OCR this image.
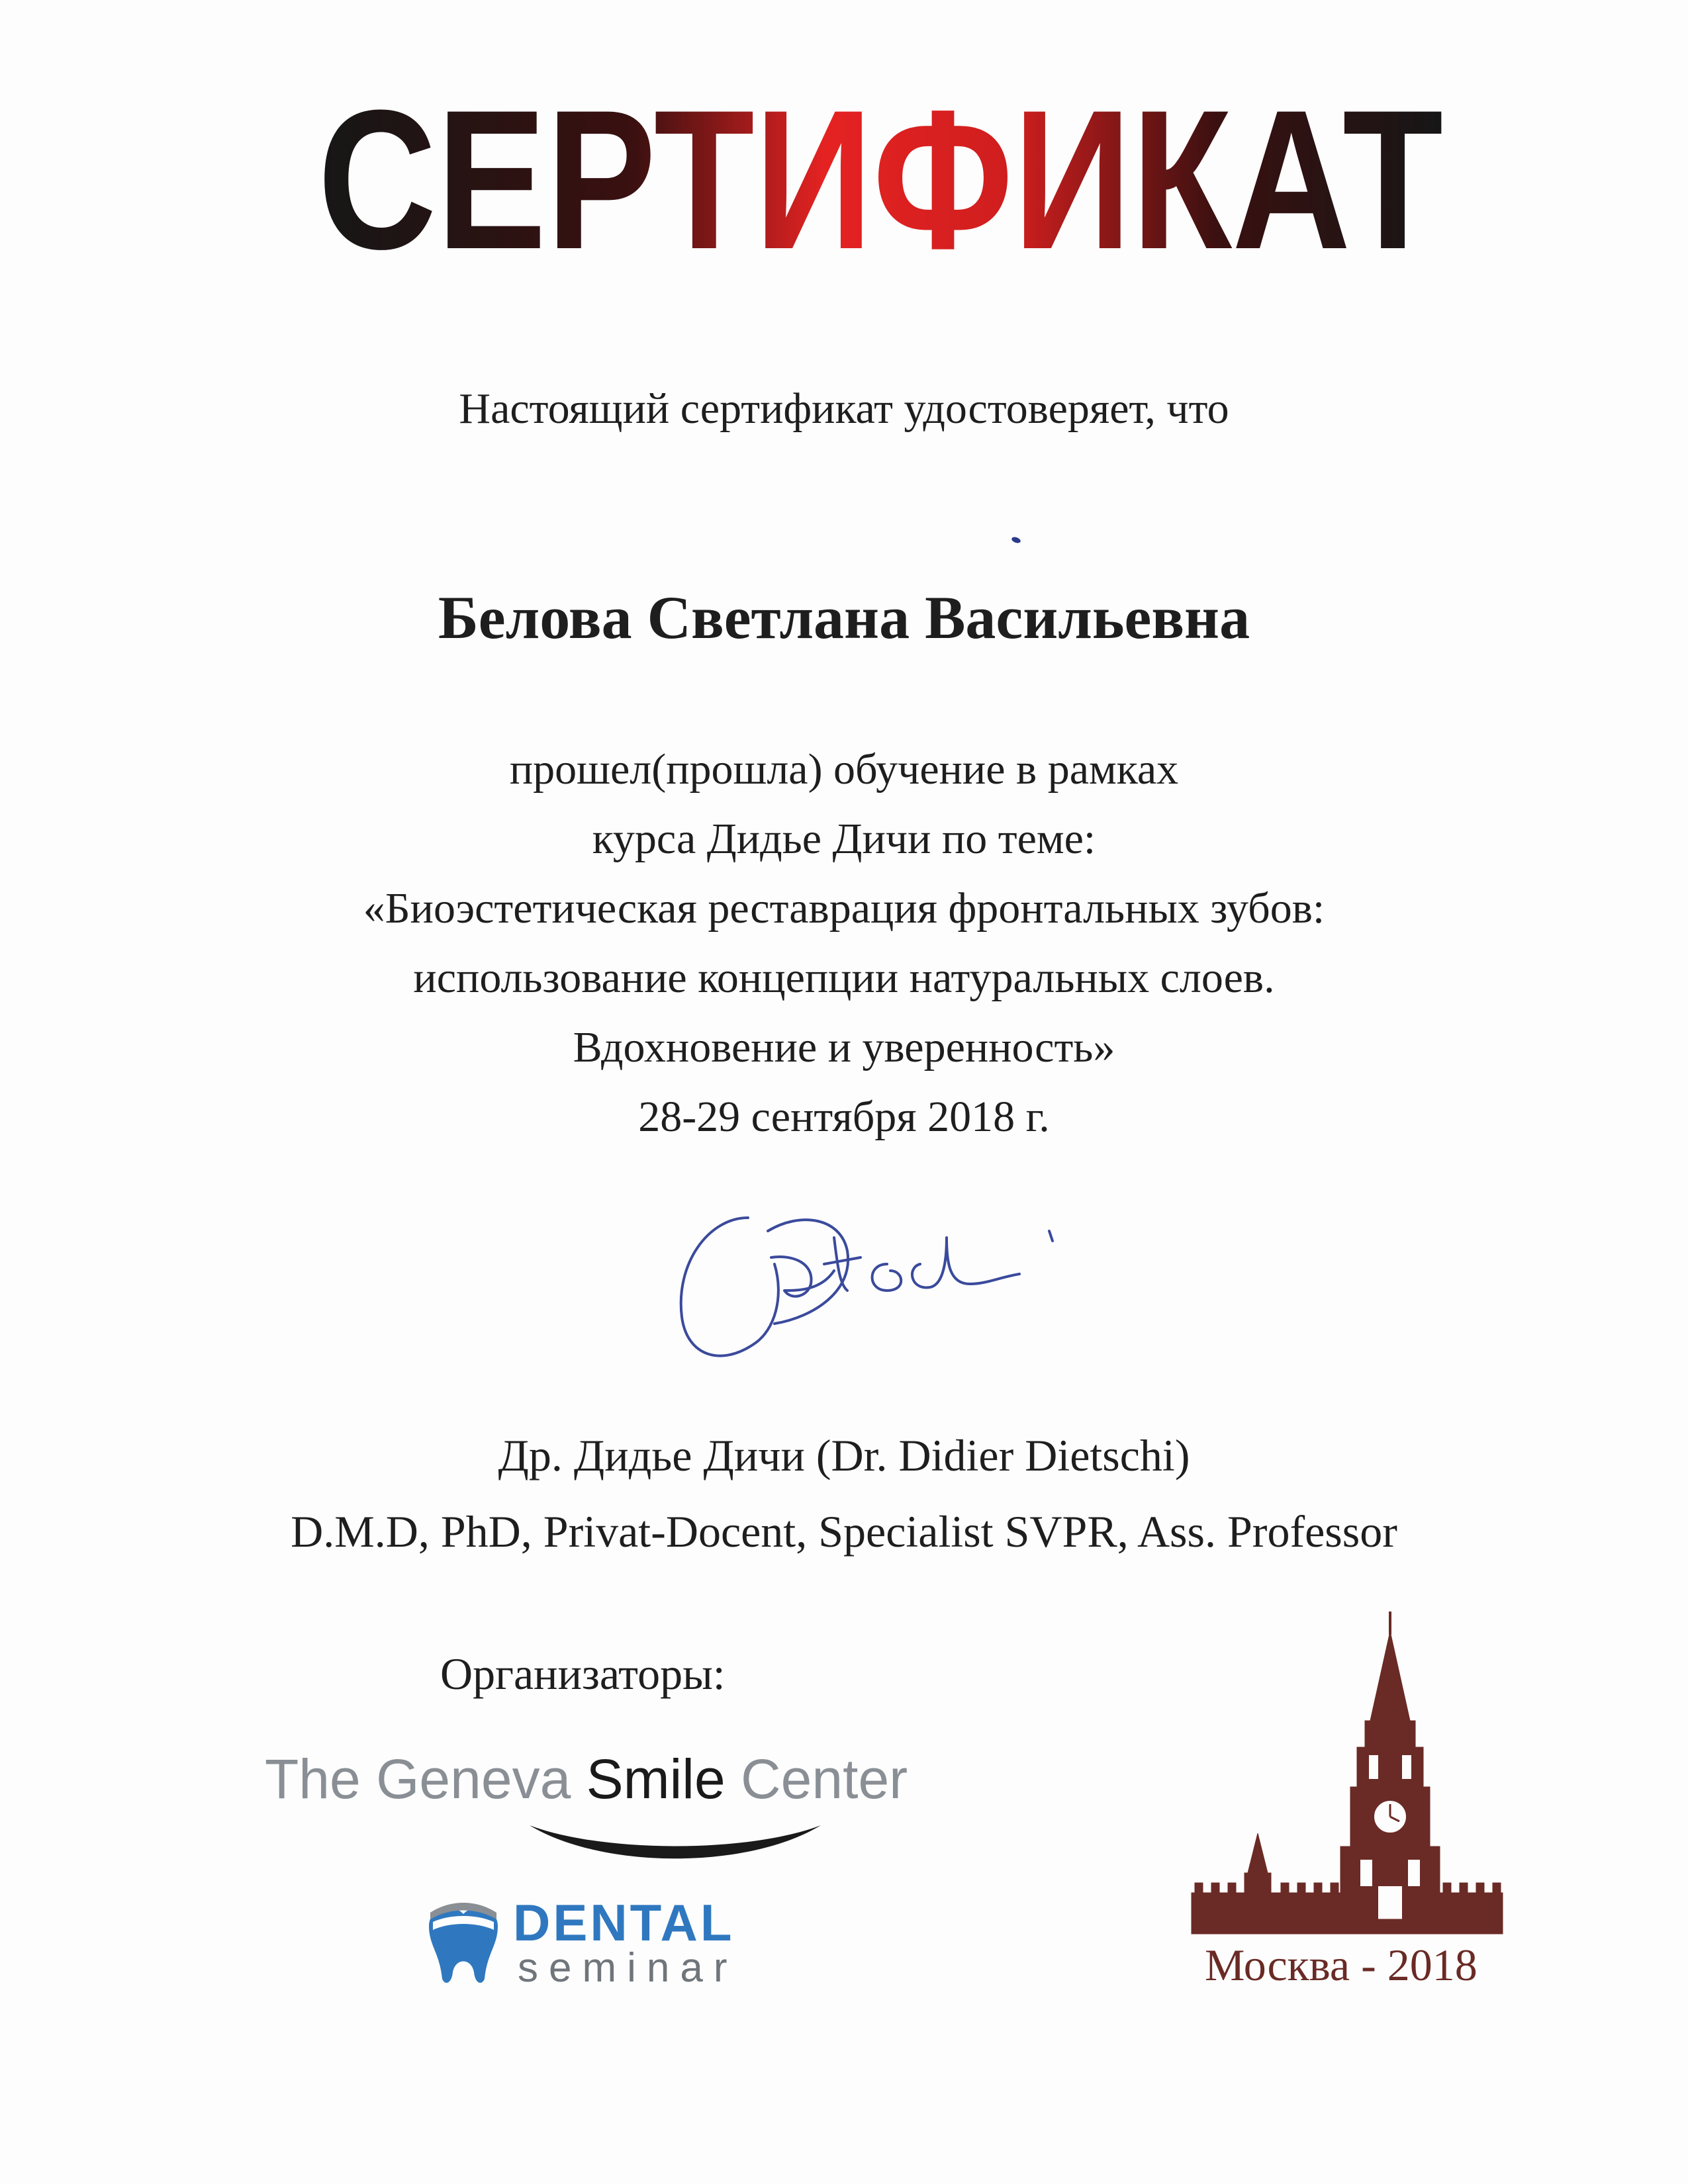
СЕРТИФИКАТ
Настоящий сертификат удостоверяет, что
Белова Светлана Васильевна
прошел(прошла) обучение в рамках
курса Дидье Дичи по теме:
«Биоэстетическая реставрация фронтальных зубов:
использование концепции натуральных слоев.
Вдохновение и уверенность»
28-29 сентября 2018 г.
Др. Дидье Дичи (Dr. Didier Dietschi)
D.M.D, PhD, Privat-Docent, Specialist SVPR, Ass. Professor
Организаторы:
The Geneva Smile Center
DENTAL
seminar	Москва - 2018
